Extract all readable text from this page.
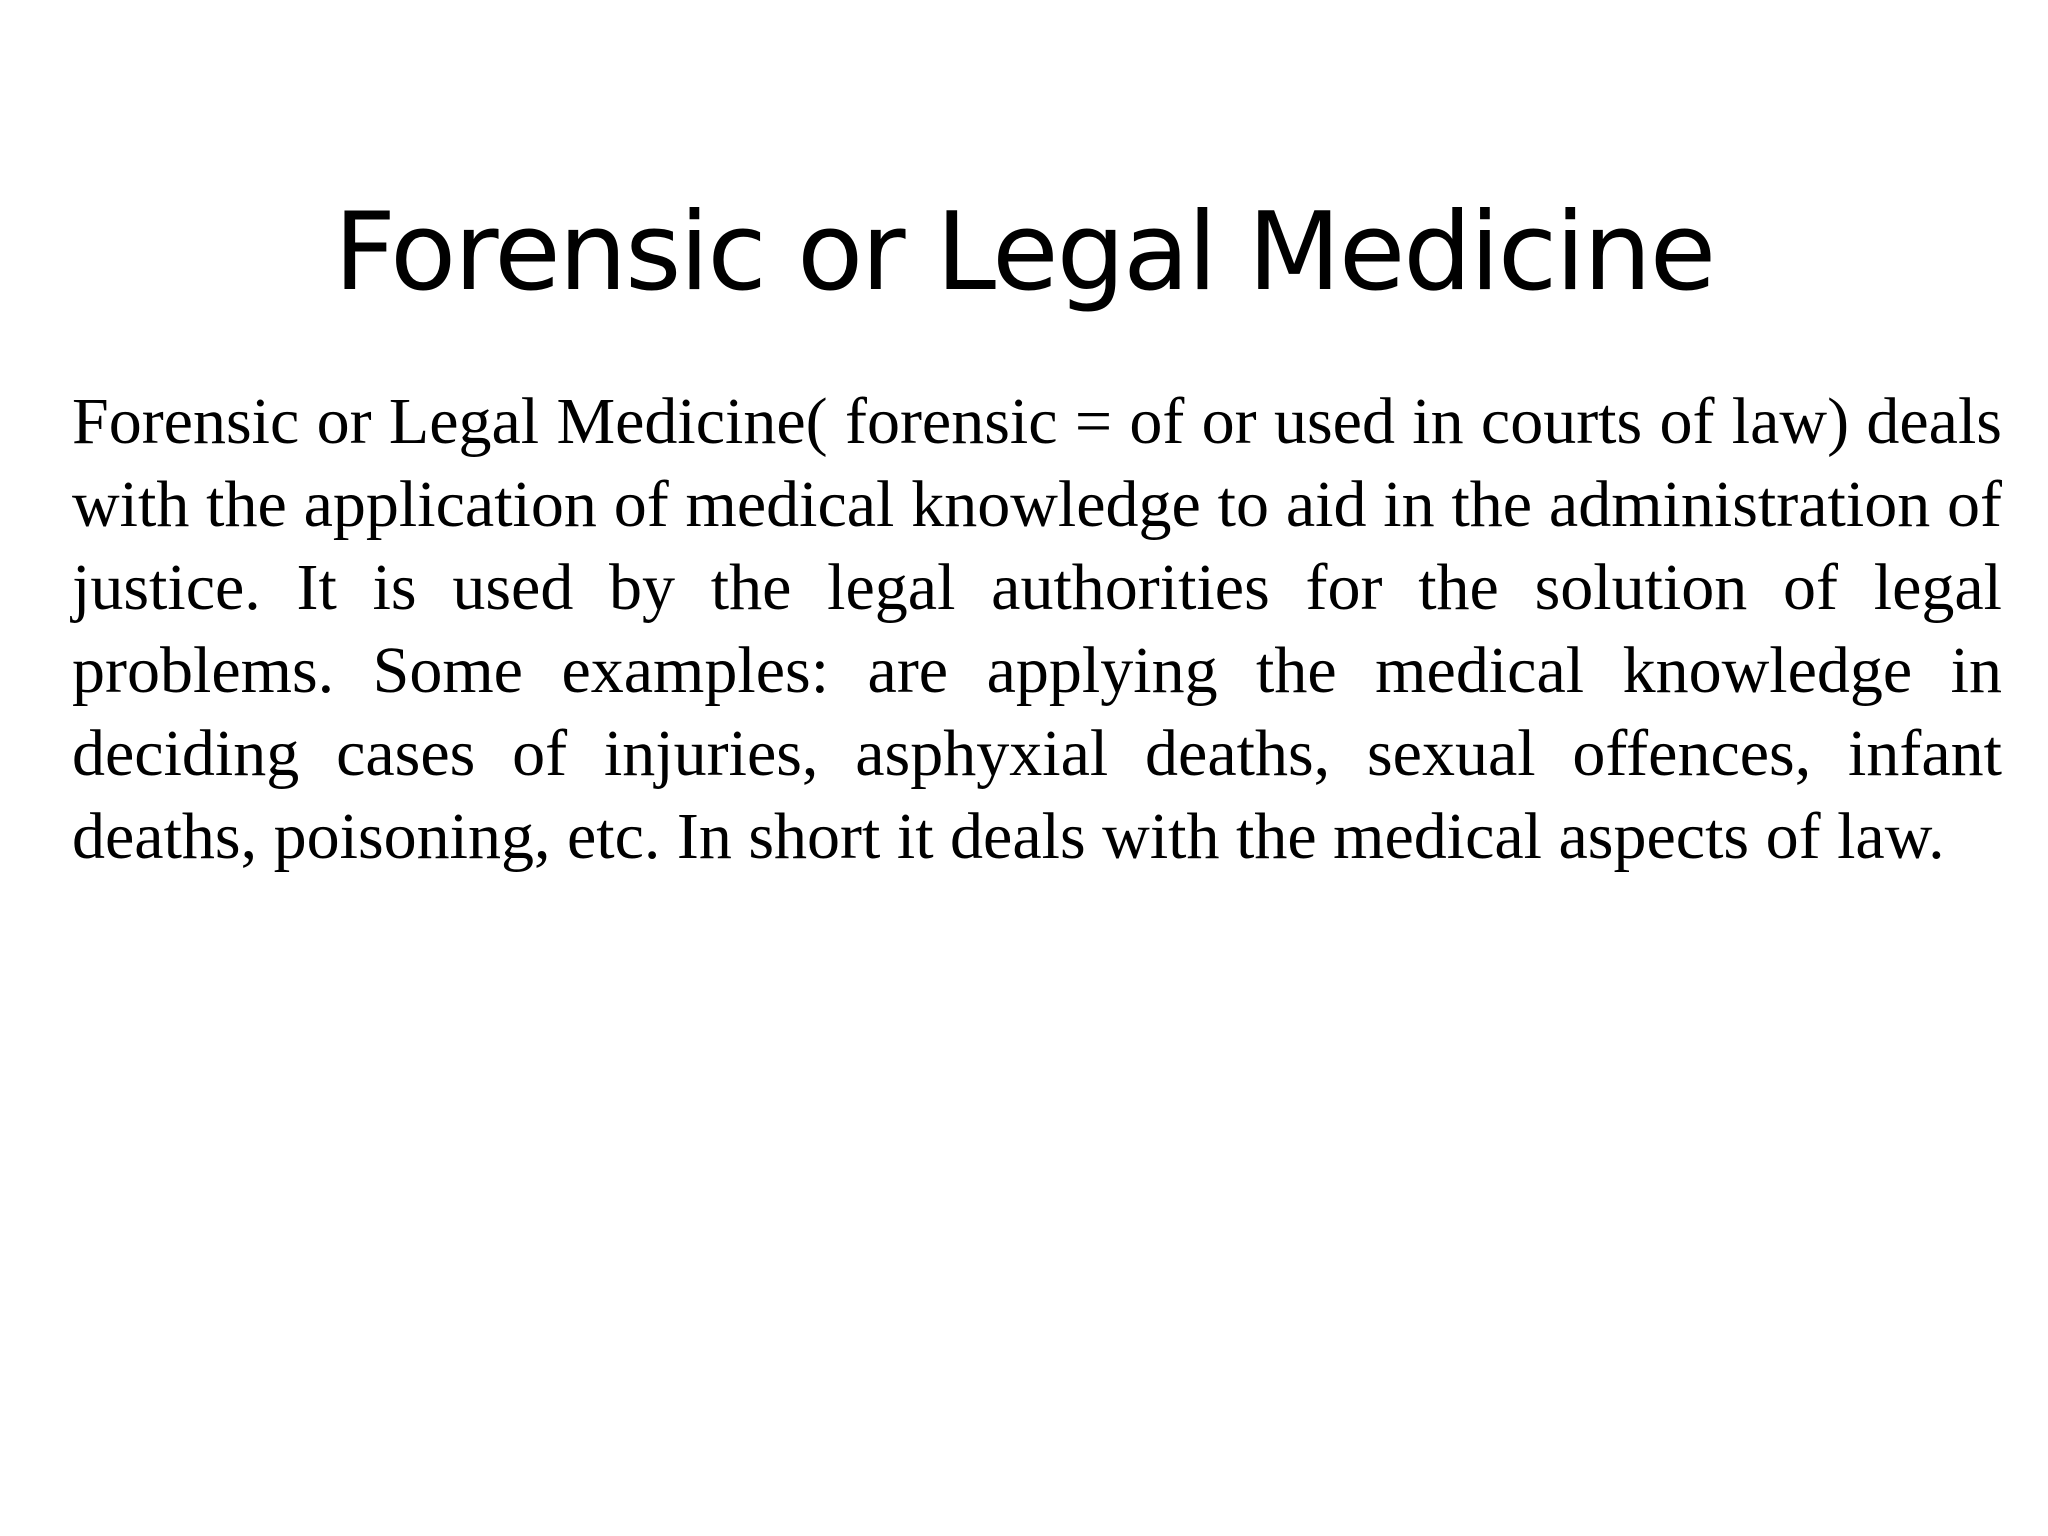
Forensic or Legal Medicine

Forensic or Legal Medicine( forensic = of or used in courts of law) deals with the application of medical knowledge to aid in the administration of justice. It is used by the legal authorities for the solution of legal problems. Some examples: are applying the medical knowledge in deciding cases of injuries, asphyxial deaths, sexual offences, infant deaths, poisoning, etc. In short it deals with the medical aspects of law.
